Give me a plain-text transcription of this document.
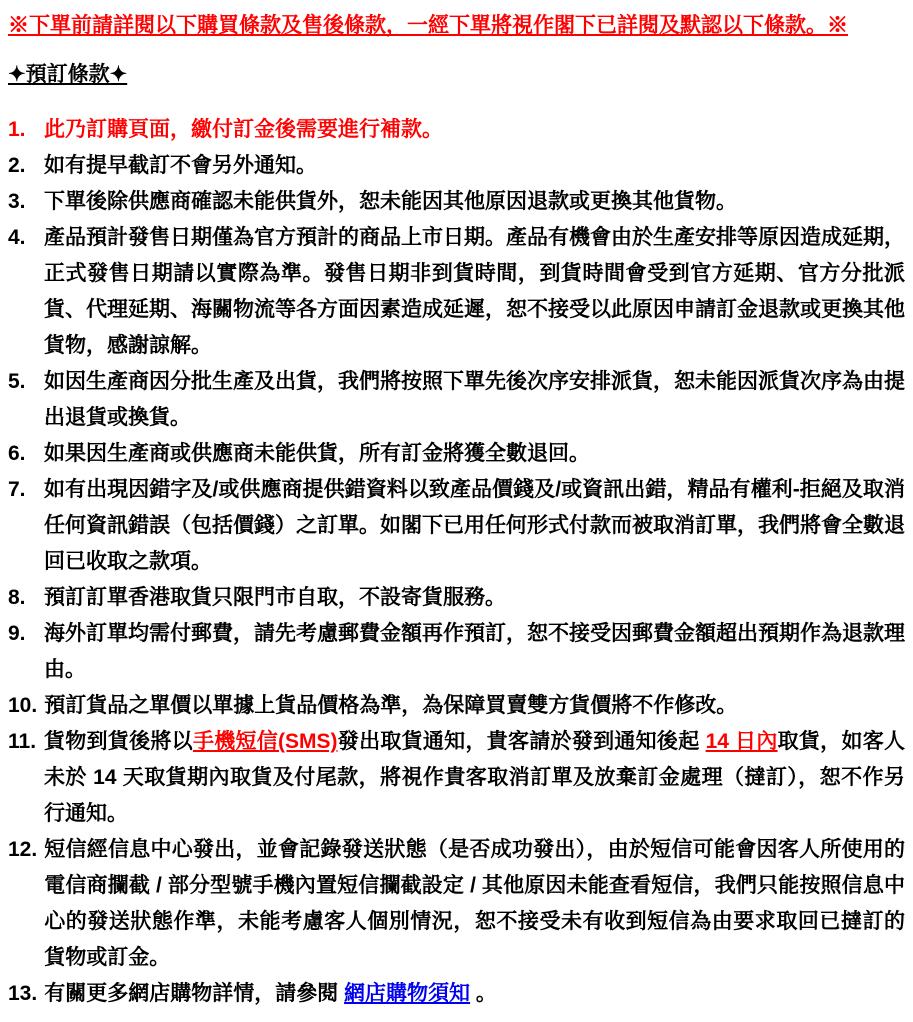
※下單前請詳閱以下購買條款及售後條款，一經下單將視作閣下已詳閱及默認以下條款。※
✦預訂條款✦
1. 此乃訂購頁面，繳付訂金後需要進行補款。
2. 如有提早截訂不會另外通知。
3. 下單後除供應商確認未能供貨外，恕未能因其他原因退款或更換其他貨物。
4. 產品預計發售日期僅為官方預計的商品上市日期。產品有機會由於生產安排等原因造成延期，正式發售日期請以實際為準。發售日期非到貨時間，到貨時間會受到官方延期、官方分批派貨、代理延期、海關物流等各方面因素造成延遲，恕不接受以此原因申請訂金退款或更換其他貨物，感謝諒解。
5. 如因生產商因分批生產及出貨，我們將按照下單先後次序安排派貨，恕未能因派貨次序為由提出退貨或換貨。
6. 如果因生產商或供應商未能供貨，所有訂金將獲全數退回。
7. 如有出現因錯字及/或供應商提供錯資料以致產品價錢及/或資訊出錯，精品有權利-拒絕及取消任何資訊錯誤（包括價錢）之訂單。如閣下已用任何形式付款而被取消訂單，我們將會全數退回已收取之款項。
8. 預訂訂單香港取貨只限門市自取，不設寄貨服務。
9. 海外訂單均需付郵費，請先考慮郵費金額再作預訂，恕不接受因郵費金額超出預期作為退款理由。
10. 預訂貨品之單價以單據上貨品價格為準，為保障買賣雙方貨價將不作修改。
11. 貨物到貨後將以手機短信(SMS)發出取貨通知，貴客請於發到通知後起 14 日內取貨，如客人未於 14 天取貨期內取貨及付尾款，將視作貴客取消訂單及放棄訂金處理（撻訂），恕不作另行通知。
12. 短信經信息中心發出，並會記錄發送狀態（是否成功發出），由於短信可能會因客人所使用的電信商攔截 / 部分型號手機內置短信攔截設定 / 其他原因未能查看短信，我們只能按照信息中心的發送狀態作準，未能考慮客人個別情況，恕不接受未有收到短信為由要求取回已撻訂的貨物或訂金。
13. 有關更多網店購物詳情，請參閱 網店購物須知 。
